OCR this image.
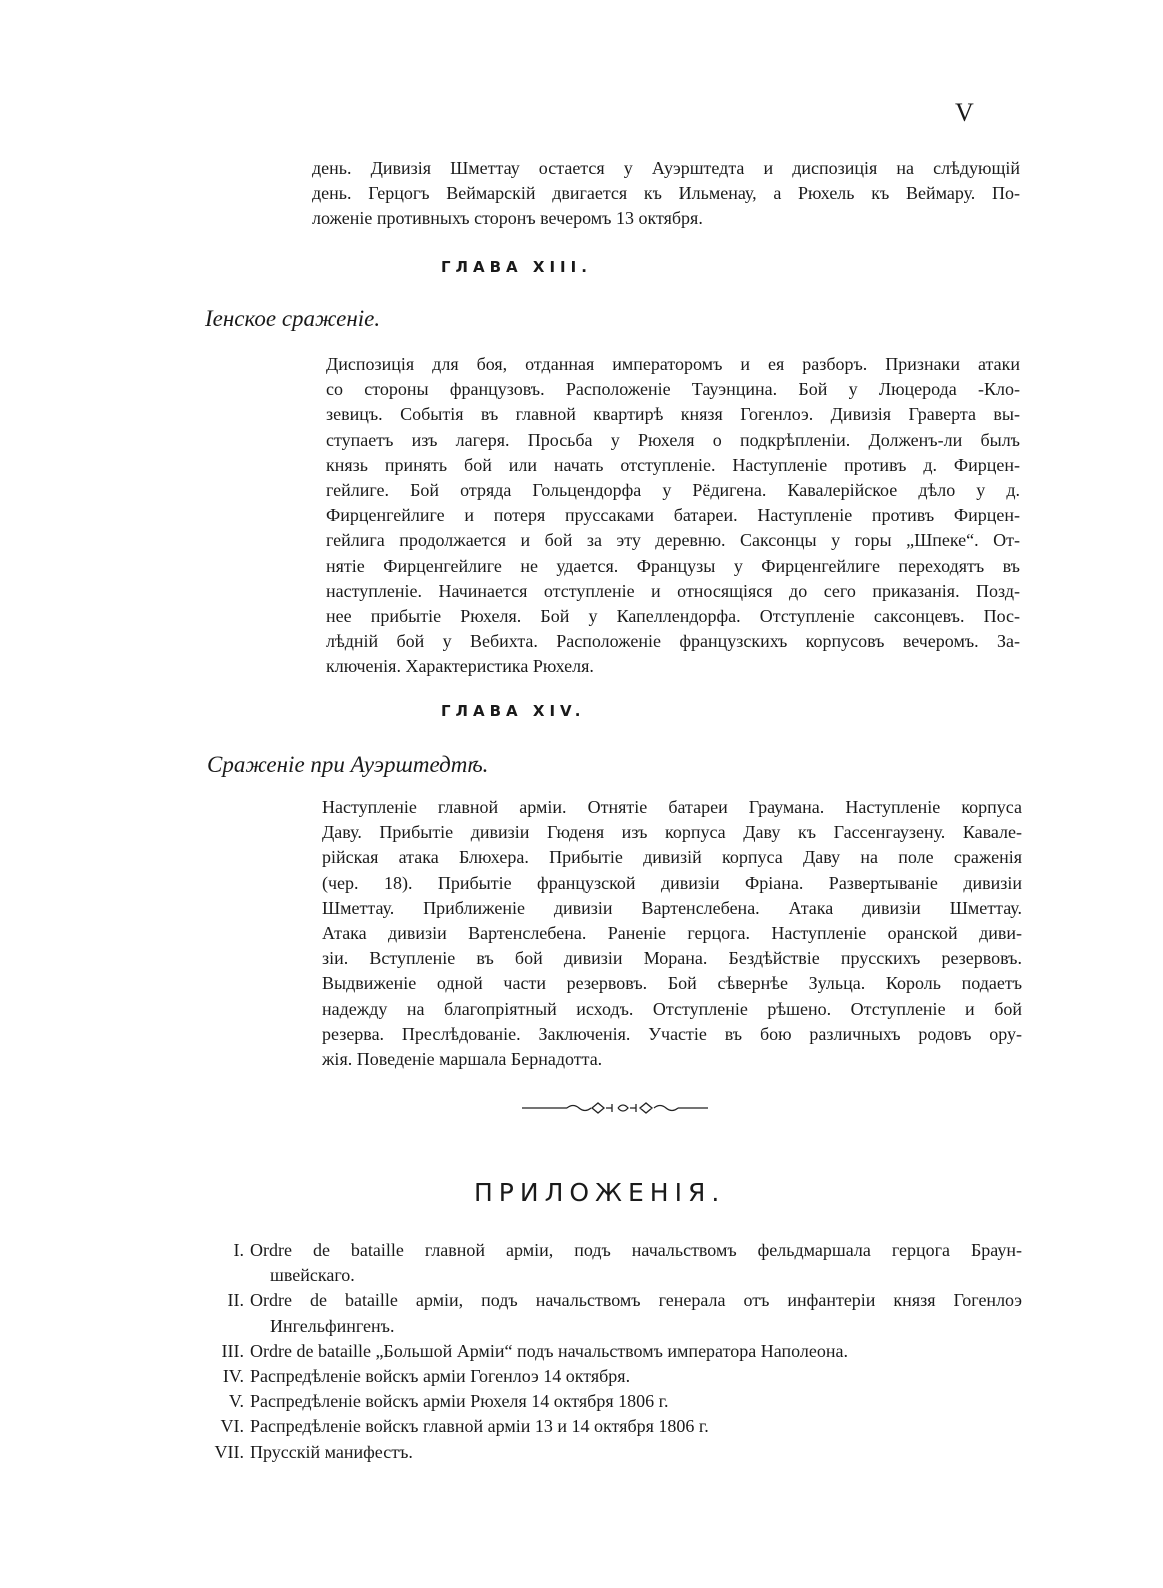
V
день. Дивизія Шметтау остается у Ауэрштедта и диспозиція на слѣдующій
день. Герцогъ Веймарскій двигается къ Ильменау, а Рюхель къ Веймару. По-
ложеніе противныхъ сторонъ вечеромъ 13 октября.
ГЛАВА XIII.
Іенское сраженіе.
Диспозиція для боя, отданная императоромъ и ея разборъ. Признаки атаки
со стороны французовъ. Расположеніе Тауэнцина. Бой у Люцерода -Кло-
зевицъ. Событія въ главной квартирѣ князя Гогенлоэ. Дивизія Граверта вы-
ступаетъ изъ лагеря. Просьба у Рюхеля о подкрѣпленіи. Долженъ-ли былъ
князь принять бой или начать отступленіе. Наступленіе противъ д. Фирцен-
гейлиге. Бой отряда Гольцендорфа у Рёдигена. Кавалерійское дѣло у д.
Фирценгейлиге и потеря пруссаками батареи. Наступленіе противъ Фирцен-
гейлига продолжается и бой за эту деревню. Саксонцы у горы „Шпеке“. От-
нятіе Фирценгейлиге не удается. Французы у Фирценгейлиге переходятъ въ
наступленіе. Начинается отступленіе и относящіяся до сего приказанія. Позд-
нее прибытіе Рюхеля. Бой у Капеллендорфа. Отступленіе саксонцевъ. Пос-
лѣдній бой у Вебихта. Расположеніе французскихъ корпусовъ вечеромъ. За-
ключенія. Характеристика Рюхеля.
ГЛАВА XIV.
Сраженіе при Ауэрштедтѣ.
Наступленіе главной арміи. Отнятіе батареи Граумана. Наступленіе корпуса
Даву. Прибытіе дивизіи Гюденя изъ корпуса Даву къ Гассенгаузену. Кавале-
рійская атака Блюхера. Прибытіе дивизій корпуса Даву на поле сраженія
(чер. 18). Прибытіе французской дивизіи Фріана. Развертываніе дивизіи
Шметтау. Приближеніе дивизіи Вартенслебена. Атака дивизіи Шметтау.
Атака дивизіи Вартенслебена. Раненіе герцога. Наступленіе оранской диви-
зіи. Вступленіе въ бой дивизіи Морана. Бездѣйствіе прусскихъ резервовъ.
Выдвиженіе одной части резервовъ. Бой сѣвернѣе Зульца. Король подаетъ
надежду на благопріятный исходъ. Отступленіе рѣшено. Отступленіе и бой
резерва. Преслѣдованіе. Заключенія. Участіе въ бою различныхъ родовъ ору-
жія. Поведеніе маршала Бернадотта.
ПРИЛОЖЕНІЯ.
I. Ordre de bataille главной арміи, подъ начальствомъ фельдмаршала герцога Браун-
швейскаго.
II. Ordre de bataille арміи, подъ начальствомъ генерала отъ инфантеріи князя Гогенлоэ
Ингельфингенъ.
III. Ordre de bataille „Большой Арміи“ подъ начальствомъ императора Наполеона.
IV. Распредѣленіе войскъ арміи Гогенлоэ 14 октября.
V. Распредѣленіе войскъ арміи Рюхеля 14 октября 1806 г.
VI. Распредѣленіе войскъ главной арміи 13 и 14 октября 1806 г.
VII. Прусскій манифестъ.
